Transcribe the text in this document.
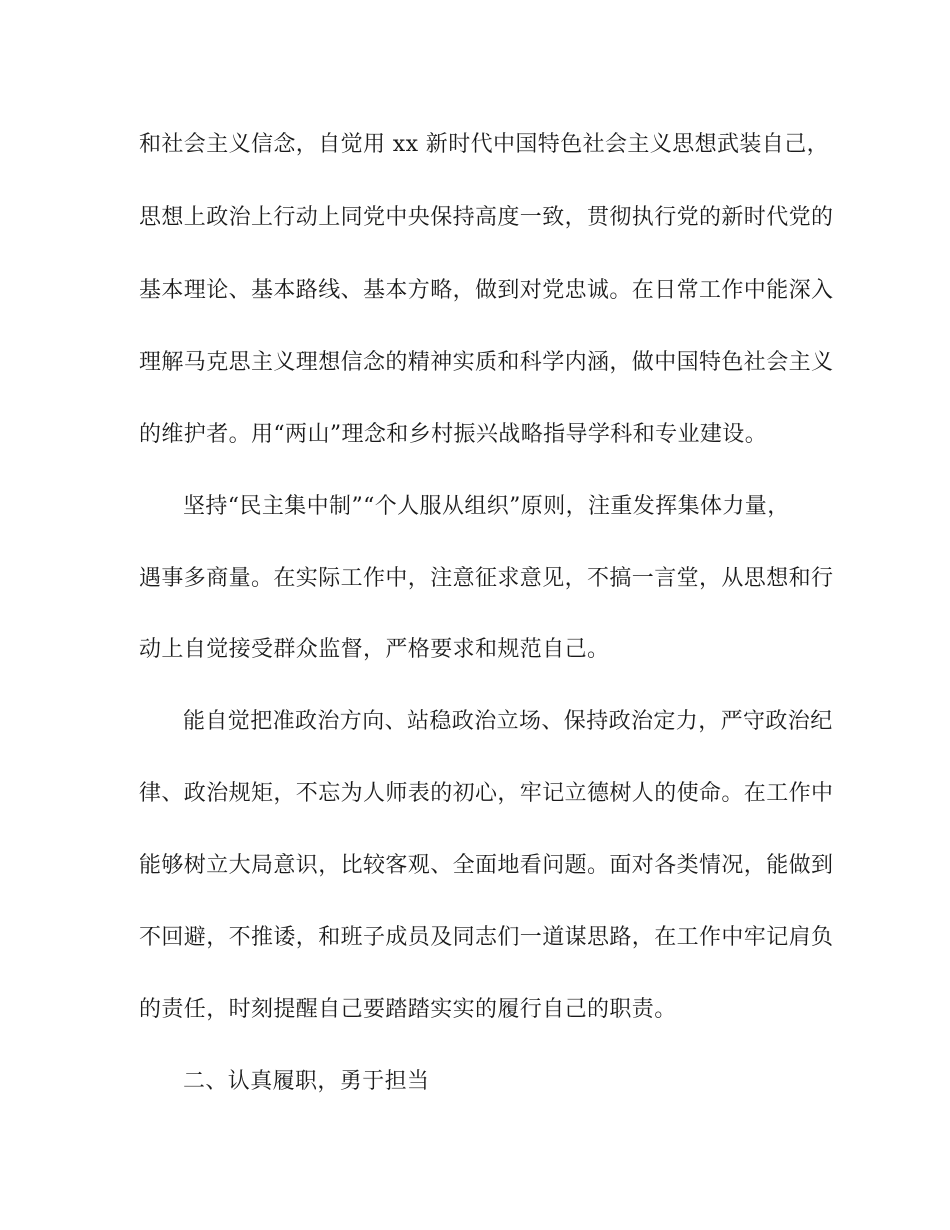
和社会主义信念，自觉用 xx 新时代中国特色社会主义思想武装自己，
思想上政治上行动上同党中央保持高度一致，贯彻执行党的新时代党的
基本理论、基本路线、基本方略，做到对党忠诚。在日常工作中能深入
理解马克思主义理想信念的精神实质和科学内涵，做中国特色社会主义
的维护者。用“两山”理念和乡村振兴战略指导学科和专业建设。
坚持“民主集中制”“个人服从组织”原则，注重发挥集体力量，
遇事多商量。在实际工作中，注意征求意见，不搞一言堂，从思想和行
动上自觉接受群众监督，严格要求和规范自己。
能自觉把准政治方向、站稳政治立场、保持政治定力，严守政治纪
律、政治规矩，不忘为人师表的初心，牢记立德树人的使命。在工作中
能够树立大局意识，比较客观、全面地看问题。面对各类情况，能做到
不回避，不推诿，和班子成员及同志们一道谋思路，在工作中牢记肩负
的责任，时刻提醒自己要踏踏实实的履行自己的职责。
二、认真履职，勇于担当
